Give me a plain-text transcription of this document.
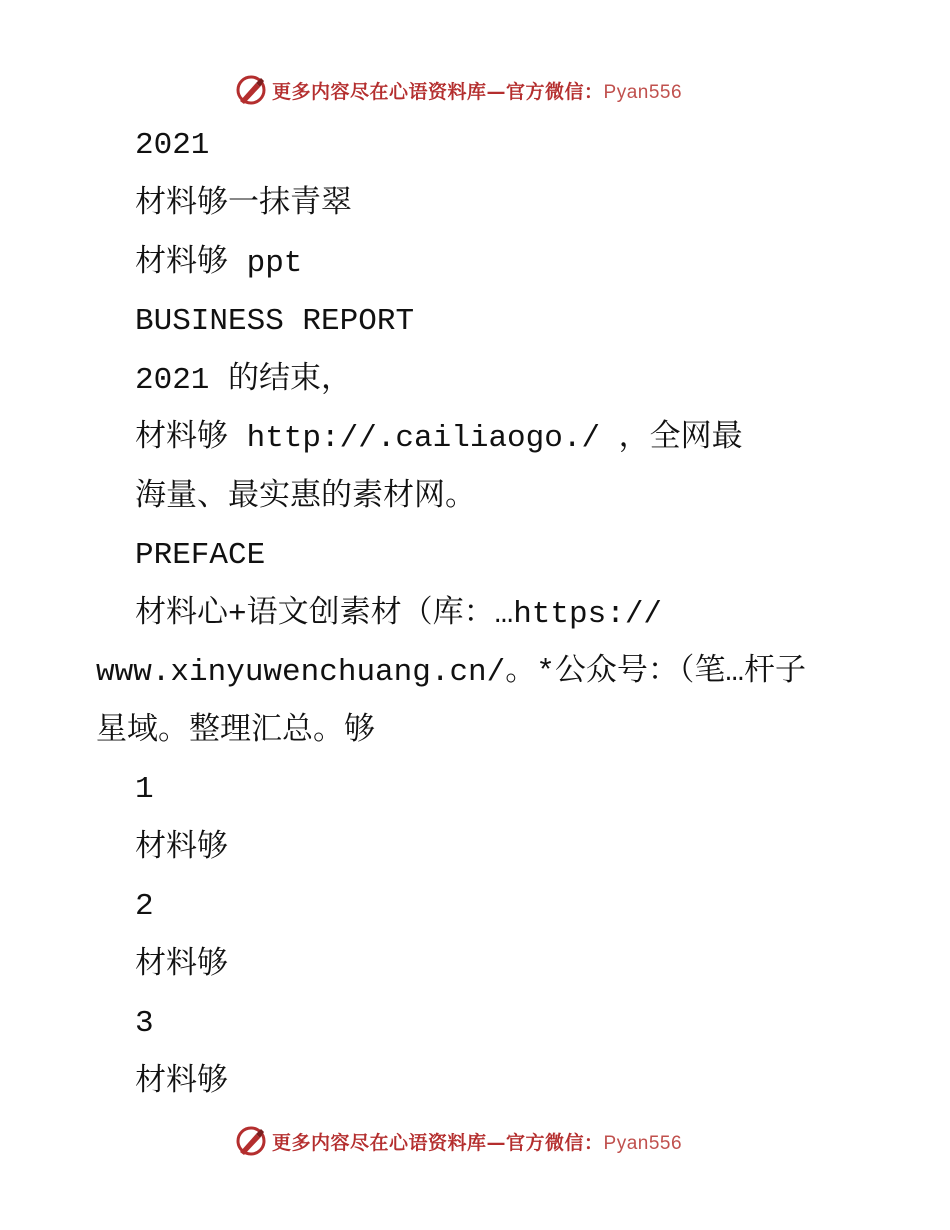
更多内容尽在心语资料库—官方微信：Pyan556
2021
材料够一抹青翠
材料够 ppt
BUSINESS REPORT
2021 的结束，
材料够 http://.cailiaogo./ ，全网最
海量、最实惠的素材网。
PREFACE
材料心+语文创素材（库：…https://
www.xinyuwenchuang.cn/。*公众号：（笔…杆子
星域。整理汇总。够
1
材料够
2
材料够
3
材料够
更多内容尽在心语资料库—官方微信：Pyan556
